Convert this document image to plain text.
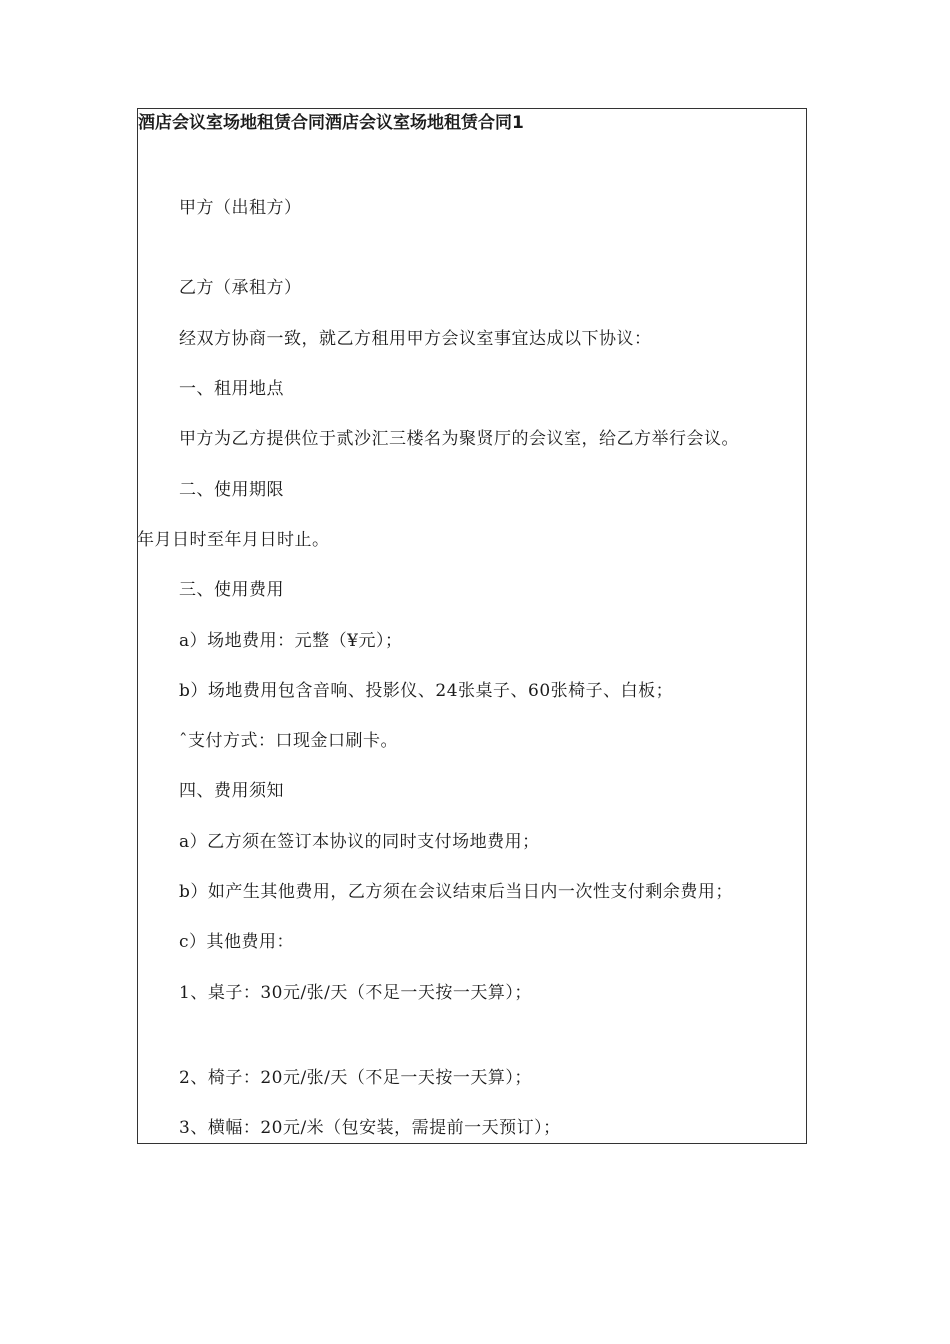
酒店会议室场地租赁合同酒店会议室场地租赁合同1
甲方（出租方）
乙方（承租方）
经双方协商一致，就乙方租用甲方会议室事宜达成以下协议：
一、租用地点
甲方为乙方提供位于贰沙汇三楼名为聚贤厅的会议室，给乙方举行会议。
二、使用期限
年月日时至年月日时止。
三、使用费用
a）场地费用：元整（¥元）；
b）场地费用包含音响、投影仪、24张桌子、60张椅子、白板；
ˆ支付方式：口现金口刷卡。
四、费用须知
a）乙方须在签订本协议的同时支付场地费用；
b）如产生其他费用，乙方须在会议结束后当日内一次性支付剩余费用；
c）其他费用：
1、桌子：30元/张/天（不足一天按一天算）；
2、椅子：20元/张/天（不足一天按一天算）；
3、横幅：20元/米（包安装，需提前一天预订）；
